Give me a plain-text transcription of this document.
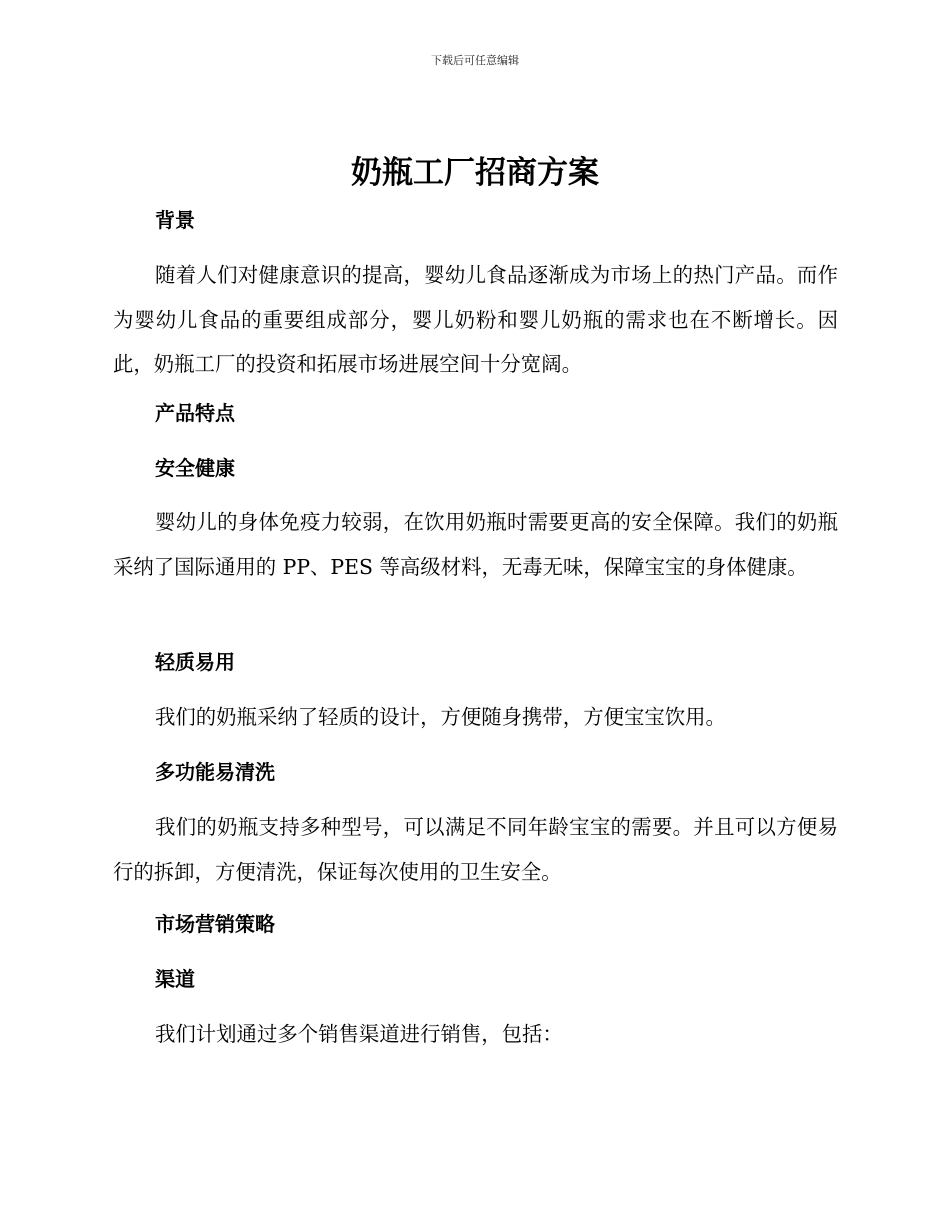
下载后可任意编辑
奶瓶工厂招商方案
背景

随着人们对健康意识的提高，婴幼儿食品逐渐成为市场上的热门产品。而作为婴幼儿食品的重要组成部分，婴儿奶粉和婴儿奶瓶的需求也在不断增长。因此，奶瓶工厂的投资和拓展市场进展空间十分宽阔。

产品特点
安全健康

婴幼儿的身体免疫力较弱，在饮用奶瓶时需要更高的安全保障。我们的奶瓶采纳了国际通用的 PP、PES 等高级材料，无毒无味，保障宝宝的身体健康。

轻质易用

我们的奶瓶采纳了轻质的设计，方便随身携带，方便宝宝饮用。

多功能易清洗

我们的奶瓶支持多种型号，可以满足不同年龄宝宝的需要。并且可以方便易行的拆卸，方便清洗，保证每次使用的卫生安全。

市场营销策略
渠道

我们计划通过多个销售渠道进行销售，包括：
